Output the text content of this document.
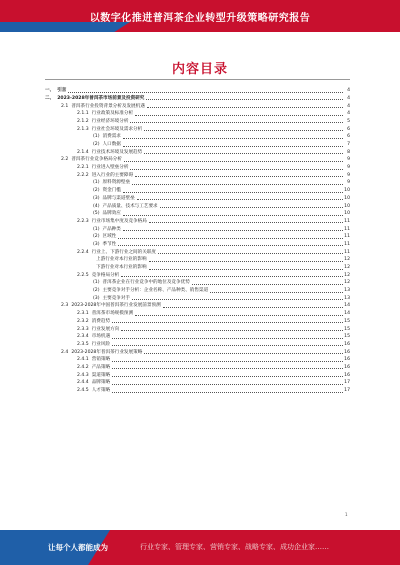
以数字化推进普洱茶企业转型升级策略研究报告
内容目录
一、 引言	4
二、 2023-2028年普洱茶市场前景及投资研究	4
2.1 普洱茶行业投资背景分析及发展机遇	4
2.1.1 行业政策及标准分析	4
2.1.2 行业经济环境分析	5
2.1.3 行业社会环境及需求分析	6
(1) 消费需求	6
(2) 人口数据	7
2.1.4 行业技术环境及发展趋势	8
2.2 普洱茶行业竞争格局分析	9
2.2.1 行业进入壁垒分析	9
2.2.2 进入行业的主要障碍	9
(1) 原料资源壁垒	9
(2) 资金门槛	10
(3) 品牌与渠道壁垒	10
(4) 产品质量、技术与工艺要求	10
(5) 品牌效应	10
2.2.3 行业市场集中度及竞争格局	11
(1) 产品种类	11
(2) 区域性	11
(3) 季节性	11
2.2.4 行业上、下游行业之间的关联度	11
上游行业对本行业的影响	12
下游行业对本行业的影响	12
2.2.5 竞争格局分析	12
(1) 普洱茶企业在行业竞争中的地位及竞争优势	12
(2) 主要竞争对手分析：企业名称、产品种类、销售渠道	13
(3) 主要竞争对手	13
2.3 2023-2028年中国普洱茶行业发展前景预测	14
2.3.1 普洱茶市场规模预测	14
2.3.2 消费趋势	15
2.3.3 行业发展方向	15
2.3.4 市场机遇	15
2.3.5 行业风险	16
2.4 2023-2028年普洱茶行业发展策略	16
2.4.1 营销策略	16
2.4.2 产品策略	16
2.4.3 渠道策略	16
2.4.4 品牌策略	17
2.4.5 人才策略	17
1
让每个人都能成为	行业专家、管理专家、营销专家、战略专家、成功企业家……
